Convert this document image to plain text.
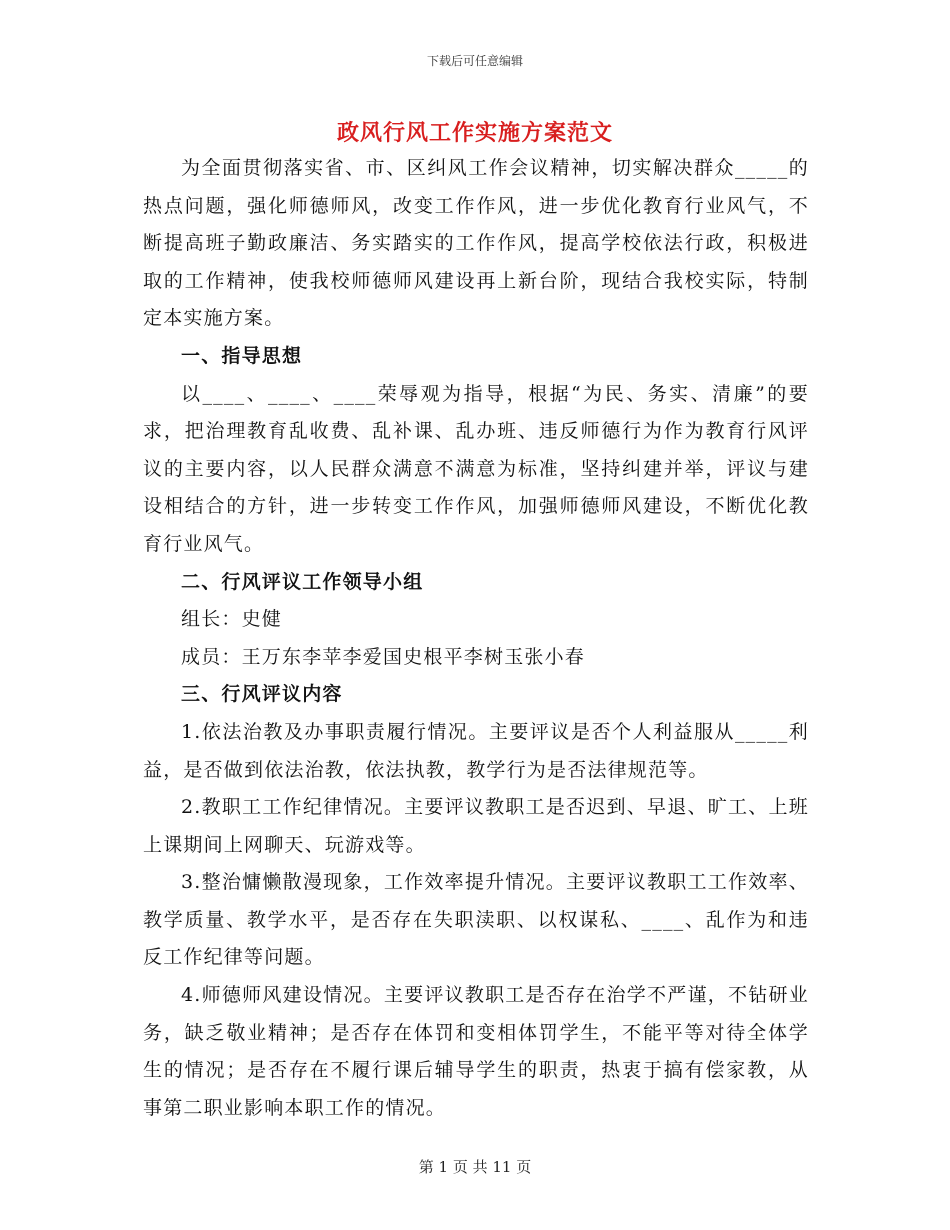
下载后可任意编辑
政风行风工作实施方案范文

为全面贯彻落实省、市、区纠风工作会议精神，切实解决群众_____的热点问题，强化师德师风，改变工作作风，进一步优化教育行业风气，不断提高班子勤政廉洁、务实踏实的工作作风，提高学校依法行政，积极进取的工作精神，使我校师德师风建设再上新台阶，现结合我校实际，特制定本实施方案。

一、指导思想

以____、____、____荣辱观为指导，根据“为民、务实、清廉”的要求，把治理教育乱收费、乱补课、乱办班、违反师德行为作为教育行风评议的主要内容，以人民群众满意不满意为标准，坚持纠建并举，评议与建设相结合的方针，进一步转变工作作风，加强师德师风建设，不断优化教育行业风气。

二、行风评议工作领导小组

组长：史健

成员：王万东李苹李爱国史根平李树玉张小春

三、行风评议内容

1.依法治教及办事职责履行情况。主要评议是否个人利益服从_____利益，是否做到依法治教，依法执教，教学行为是否法律规范等。

2.教职工工作纪律情况。主要评议教职工是否迟到、早退、旷工、上班上课期间上网聊天、玩游戏等。

3.整治慵懒散漫现象，工作效率提升情况。主要评议教职工工作效率、教学质量、教学水平，是否存在失职渎职、以权谋私、____、乱作为和违反工作纪律等问题。

4.师德师风建设情况。主要评议教职工是否存在治学不严谨，不钻研业务，缺乏敬业精神；是否存在体罚和变相体罚学生，不能平等对待全体学生的情况；是否存在不履行课后辅导学生的职责，热衷于搞有偿家教，从事第二职业影响本职工作的情况。

第 1 页 共 11 页
